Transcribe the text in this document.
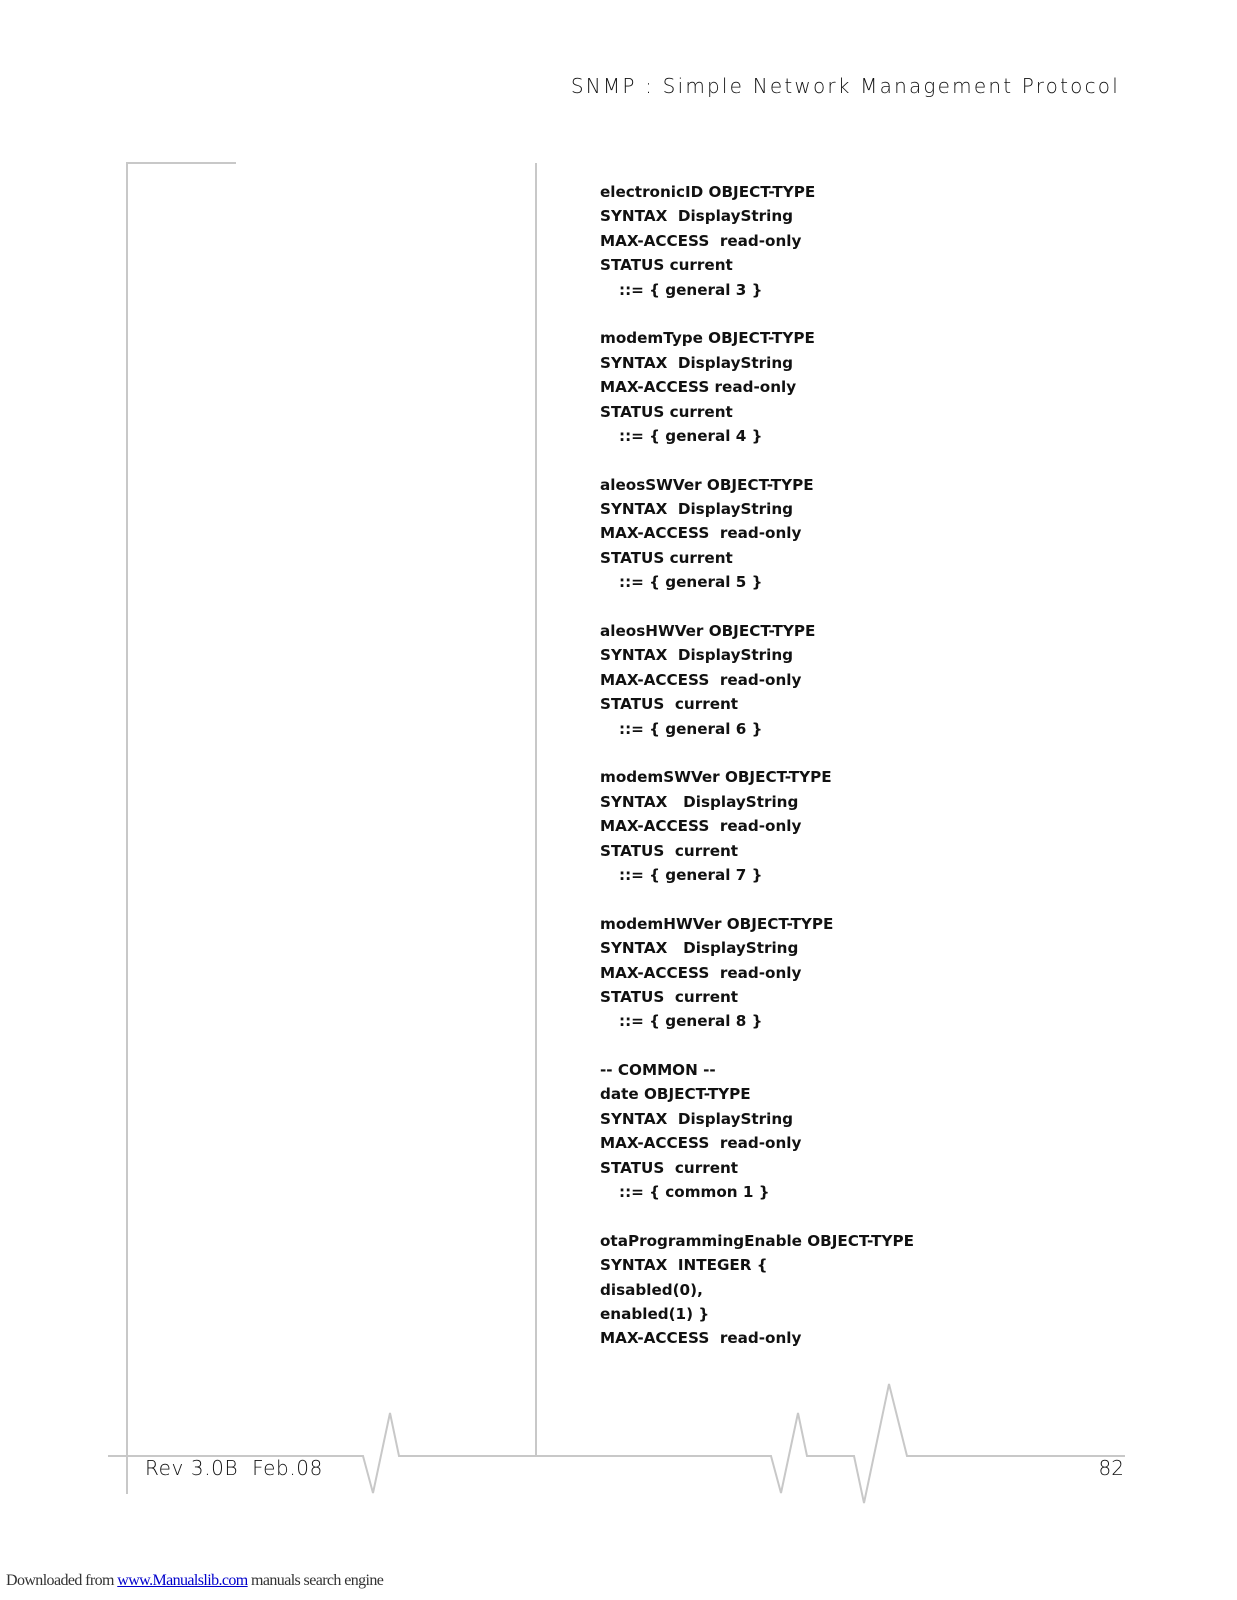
SNMP : Simple Network Management Protocol
electronicID OBJECT-TYPE
SYNTAX  DisplayString
MAX-ACCESS  read-only
STATUS current
::= { general 3 }
modemType OBJECT-TYPE
SYNTAX  DisplayString
MAX-ACCESS read-only
STATUS current
::= { general 4 }
aleosSWVer OBJECT-TYPE
SYNTAX  DisplayString
MAX-ACCESS  read-only
STATUS current
::= { general 5 }
aleosHWVer OBJECT-TYPE
SYNTAX  DisplayString
MAX-ACCESS  read-only
STATUS  current
::= { general 6 }
modemSWVer OBJECT-TYPE
SYNTAX   DisplayString
MAX-ACCESS  read-only
STATUS  current
::= { general 7 }
modemHWVer OBJECT-TYPE
SYNTAX   DisplayString
MAX-ACCESS  read-only
STATUS  current
::= { general 8 }
-- COMMON --
date OBJECT-TYPE
SYNTAX  DisplayString
MAX-ACCESS  read-only
STATUS  current
::= { common 1 }
otaProgrammingEnable OBJECT-TYPE
SYNTAX  INTEGER {
disabled(0),
enabled(1) }
MAX-ACCESS  read-only
Rev 3.0B  Feb.08	82
Downloaded from www.Manualslib.com manuals search engine
